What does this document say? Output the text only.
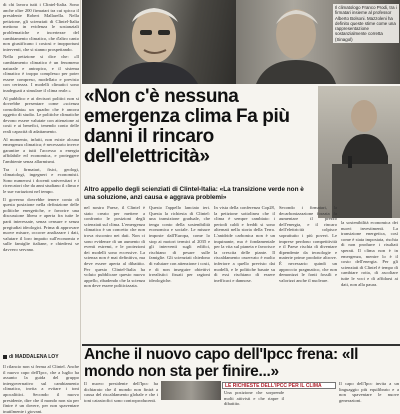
di chi lavora tutti i Clintel-Italia. Sono anche oltre 200 firmatari tra cui spicca il presidente Robert Mallarella. Nella petizione, gli scienziati di Clintel-Italia mettono in evidenza le sostanziali problematiche e incertezze del cambiamento climatico, che d'altro canto non giustificano i costosi e inopportuni interventi, che si stanno prospettando.

Nella petizione si dice che: «Il cambiamento climatico è un fenomeno naturale e antropico, e il sistema climatico è troppo complesso per poter essere compreso, modellato e previsto con certezza. I modelli climatici sono inadeguati a simulare il clima reale.»

Al pubblico e ai decisori politici non si dovrebbe presentare come «scienza consolidata» un quadro che è ancora oggetto di studio. Le politiche climatiche devono essere valutate con attenzione ai costi e ai benefici, tenendo conto delle reali capacità di adattamento.

Al momento, infatti, non esiste alcuna emergenza climatica; è necessario invece garantire a tutti l'accesso a energia affidabile ed economica, e proteggere l'ambiente senza allarmismi.

Tra i firmatari, fisici, geologi, climatologi, ingegneri e economisti. Sono numerosi i docenti universitari e i ricercatori che da anni studiano il clima e le sue variazioni nel tempo.

Il governo dovrebbe tenere conto di questa posizione nella definizione delle politiche energetiche, e favorire una discussione libera e aperta fra tutte le parti interessate, senza censure e senza pregiudizi ideologici. Prima di approvare nuove misure, occorre analizzare i dati, valutare il loro impatto sull'economia e sulle famiglie italiane, e chiedersi se davvero servano.

di MADDALENA LOY

Il rilancio non si ferma al Clintel. Anche il nuovo capo dell'Ipcc, che a luglio ha assunto la guida del gruppo intergovernativo sul cambiamento climatico, invita a evitare i toni apocalittici. Secondo il nuovo presidente, dire che il mondo non sta per finire è un dovere, per non spaventare inutilmente i giovani.

Il climatologo Franco Prodi, tra i firmatari insieme al professor Alberto Bolsoni. Mazzoleni ha definito queste stime come una rappresentazione sostanzialmente corretta (Sinagol)
«Non c'è nessuna emergenza clima Fa più danni il rincaro dell'elettricità»
Altro appello degli scienziati di Clintel-Italia: «La transizione verde non è una soluzione, anzi causa e aggrava problemi»
nel nostro Paese, il Clintel è stato creato per mettere a confronto le posizioni degli scienziati sul clima. L'emergenza climatica è un concetto che non trova riscontro nei dati. Non ci sono evidenze di un aumento di eventi estremi, e le proiezioni dei modelli sono eccessive. La scienza non è mai definitiva, ma deve essere aperta al dibattito. Per questo Clintel-Italia ha voluto pubblicare questo nuovo appello, ribadendo che la scienza non deve essere politicizzata.
Questo l'appello lanciato ieri. Questa la richiesta di Clintel: una transizione graduale, che tenga conto della sostenibilità economica e sociale. Le misure imposte dall'Europa, come lo stop ai motori termici al 2035 e gli interventi sugli edifici, rischiano di pesare sulle famiglie. Gli scienziati chiedono di valutare con attenzione i costi, e di non inseguire obiettivi irrealistici fissati per ragioni ideologiche.
In vista della conferenza Cop28, la petizione sottolinea che il clima è sempre cambiato: i periodi caldi e freddi si sono alternati nella storia della Terra. L'anidride carbonica non è un inquinante, ma è fondamentale per la vita sul pianeta e favorisce la crescita delle piante. Il riscaldamento osservato è molto inferiore a quello previsto dai modelli, e le politiche basate su di essi rischiano di essere inefficaci e dannose.
Secondo i firmatari, la decarbonizzazione forzata fa aumentare il prezzo dell'energia, e il rincaro dell'elettricità colpisce soprattutto i più poveri. Le imprese perdono competitività e il Paese rischia di diventare dipendente da tecnologie e materie prime prodotte altrove. È necessario quindi un approccio pragmatico, che non demonizzi le fonti fossili e valorizzi anche il nucleare.
la sostenibilità economica dei nuovi investimenti. La transizione energetica, così come è stata impostata, rischia di non produrre i risultati sperati. Il clima non è in emergenza, mentre lo è il costo dell'energia. Per gli scienziati di Clintel è tempo di cambiare rotta, di ascoltare tutte le voci e di affidarsi ai dati, non alla paura.
Anche il nuovo capo dell'Ipcc frena: «Il mondo non sta per finire...»
Il nuovo presidente dell'Ipcc ha dichiarato che il mondo non finirà a causa del riscaldamento globale e che i toni catastrofici sono controproducenti.
LE RICHIESTE DELL'IPCC PER IL CLIMA
Una posizione che sorprende molti attivisti e che riapre il dibattito.
Il capo dell'Ipcc invita a un linguaggio più equilibrato e a non spaventare le nuove generazioni.
